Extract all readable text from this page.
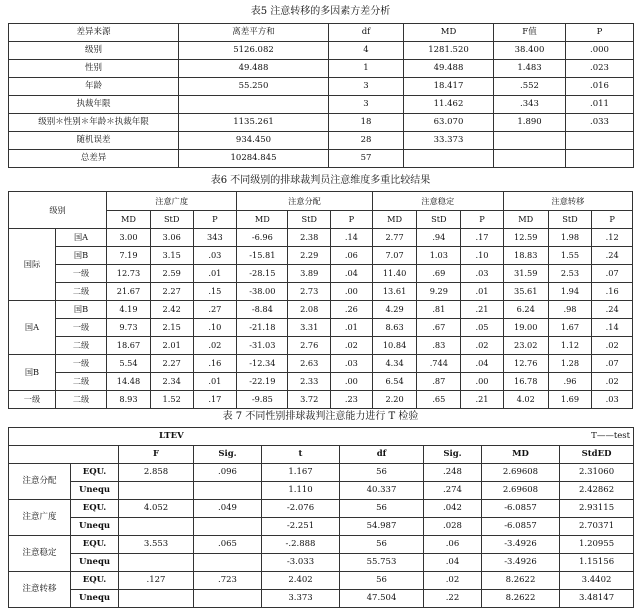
表5 注意转移的多因素方差分析
差异来源	离差平方和	df	MD	F值	P
级别	5126.082	4	1281.520	38.400	.000
性别	49.488	1	49.488	1.483	.023
年龄	55.250	3	18.417	.552	.016
执裁年限		3	11.462	.343	.011
级别＊性别＊年龄＊执裁年限	1135.261	18	63.070	1.890	.033
随机误差	934.450	28	33.373		
总差异	10284.845	57			
表6 不同级别的排球裁判员注意维度多重比较结果
级别		注意广度			注意分配			注意稳定			注意转移		
		MD	StD	P	MD	StD	P	MD	StD	P	MD	StD	P
国际	国A	3.00	3.06	343	-6.96	2.38	.14	2.77	.94	.17	12.59	1.98	.12
	国B	7.19	3.15	.03	-15.81	2.29	.06	7.07	1.03	.10	18.83	1.55	.24
	一级	12.73	2.59	.01	-28.15	3.89	.04	11.40	.69	.03	31.59	2.53	.07
	二级	21.67	2.27	.15	-38.00	2.73	.00	13.61	9.29	.01	35.61	1.94	.16
国A	国B	4.19	2.42	.27	-8.84	2.08	.26	4.29	.81	.21	6.24	.98	.24
	一级	9.73	2.15	.10	-21.18	3.31	.01	8.63	.67	.05	19.00	1.67	.14
	二级	18.67	2.01	.02	-31.03	2.76	.02	10.84	.83	.02	23.02	1.12	.02
国B	一级	5.54	2.27	.16	-12.34	2.63	.03	4.34	.744	.04	12.76	1.28	.07
	二级	14.48	2.34	.01	-22.19	2.33	.00	6.54	.87	.00	16.78	.96	.02
一级	二级	8.93	1.52	.17	-9.85	3.72	.23	2.20	.65	.21	4.02	1.69	.03
表 7 不同性别排球裁判注意能力进行 T 检验
LTEV				T——test				
		F	Sig.	t	df	Sig.	MD	StdED
注意分配	EQU.	2.858	.096	1.167	56	.248	2.69608	2.31060
	Unequ			1.110	40.337	.274	2.69608	2.42862
注意广度	EQU.	4.052	.049	-2.076	56	.042	-6.0857	2.93115
	Unequ			-2.251	54.987	.028	-6.0857	2.70371
注意稳定	EQU.	3.553	.065	-.2.888	56	.06	-3.4926	1.20955
	Unequ			-3.033	55.753	.04	-3.4926	1.15156
注意转移	EQU.	.127	.723	2.402	56	.02	8.2622	3.4402
	Unequ			3.373	47.504	.22	8.2622	3.48147
